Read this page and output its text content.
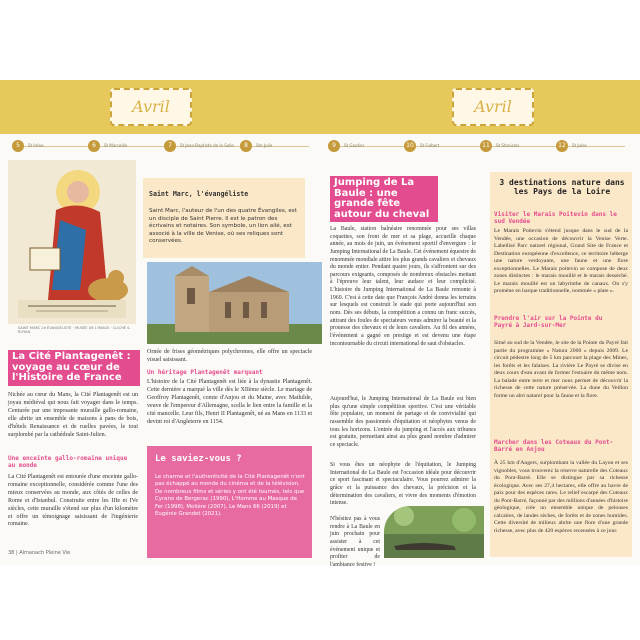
Avril	Avril
5	St Irène	6	St Marcellin	7	St Jean-Baptiste de la Salle	8	Ste Julie	9	St Gautier	10	St Fulbert	11	St Stanislas	12	St Jules
SAINT MARC 2e ÉVANGÉLISTE · MUSÉE DE L'IMAGE · CLICHÉ S. ROYAN
Saint Marc, l'évangéliste
Saint Marc, l'auteur de l'un des quatre Évangiles, est un disciple de Saint Pierre. Il est le patron des écrivains et notaires. Son symbole, un lion ailé, est associé à la ville de Venise, où ses reliques sont conservées.
La Cité Plantagenêt : voyage au cœur de l'Histoire de France
Nichée au cœur du Mans, la Cité Plantagenêt est un joyau médiéval qui nous fait voyager dans le temps. Centurée par une imposante muraille gallo-romaine, elle abrite un ensemble de maisons à pans de bois, d'hôtels Renaissance et de ruelles pavées, le tout surplombé par la cathédrale Saint-Julien.
Une enceinte gallo-romaine unique au monde
La Cité Plantagenêt est entourée d'une enceinte gallo-romaine exceptionnelle, considérée comme l'une des mieux conservées au monde, aux côtés de celles de Rome et d'Istanbul. Construite entre les IIIe et IVe siècles, cette muraille s'étend sur plus d'un kilomètre et offre un témoignage saisissant de l'ingénierie romaine.
Ornée de frises géométriques polychromes, elle offre un spectacle visuel saisissant.
Un héritage Plantagenêt marquant
L'histoire de la Cité Plantagenêt est liée à la dynastie Plantagenêt. Cette dernière a marqué la ville dès le XIIème siècle. Le mariage de Geoffroy Plantagenêt, comte d'Anjou et du Maine, avec Mathilde, veuve de l'empereur d'Allemagne, scella le lien entre la famille et la cité mancelle. Leur fils, Henri II Plantagenêt, né au Mans en 1133 et devint roi d'Angleterre en 1154.
Le saviez-vous ?
Le charme et l'authenticité de la Cité Plantagenêt n'ont pas échappé au monde du cinéma et de la télévision. De nombreux films et séries y ont été tournés, tels que Cyrano de Bergerac (1990), L'Homme au Masque de Fer (1998), Molière (2007), Le Mans 66 (2019) et Eugénie Grandet (2021).
38 | Almanach Pleine Vie
Jumping de La Baule : une grande fête autour du cheval
La Baule, station balnéaire renommée pour ses villas coquettes, son front de mer et sa plage, accueille chaque année, au mois de juin, un événement sportif d'envergure : le Jumping International de La Baule. Cet événement équestre de renommée mondiale attire les plus grands cavaliers et chevaux du monde entier. Pendant quatre jours, ils s'affrontent sur des parcours exigeants, composés de nombreux obstacles mettant à l'épreuve leur talent, leur audace et leur complicité. L'histoire du Jumping International de La Baule remonte à 1960. C'est à cette date que François André donna les terrains sur lesquels est construit le stade qui porte aujourd'hui son nom. Dès ses débuts, la compétition a connu un franc succès, attirant des foules de spectateurs venus admirer la beauté et la prouesse des chevaux et de leurs cavaliers. Au fil des années, l'événement a gagné en prestige et est devenu une étape incontournable du circuit international de saut d'obstacles.
Aujourd'hui, le Jumping International de La Baule est bien plus qu'une simple compétition sportive. C'est une véritable fête populaire, un moment de partage et de convivialité qui rassemble des passionnés d'équitation et néophytes venus de tous les horizons. L'entrée du jumping et l'accès aux tribunes est gratuite, permettant ainsi au plus grand nombre d'admirer ce spectacle.
Si vous êtes un néophyte de l'équitation, le Jumping International de La Baule est l'occasion idéale pour découvrir ce sport fascinant et spectaculaire. Vous pourrez admirer la grâce et la puissance des chevaux, la précision et la détermination des cavaliers, et vivre des moments d'émotion intense.
N'hésitez pas à vous rendre à La Baule en juin prochain pour assister à cet événement unique et profiter de l'ambiance festive !
3 destinations nature dans les Pays de la Loire
Visiter le Marais Poitevin dans le sud Vendée
Le Marais Poitevin s'étend jusque dans le sud de la Vendée, une occasion de découvrir la Venise Verte. Labellisé Parc naturel régional, Grand Site de France et Destination européenne d'excellence, ce territoire héberge une nature verdoyante, une faune et une flore exceptionnelles. Le Marais poitevin se compose de deux zones distinctes : le marais mouillé et le marais desséché. Le marais mouillé est un labyrinthe de canaux. On s'y promène en barque traditionnelle, nommée « plate ».
Prendre l'air sur la Pointe du Payré à Jard-sur-Mer
Situé au sud de la Vendée, le site de la Pointe du Payré fait partie du programme « Natura 2000 » depuis 2009. Le circuit pédestre long de 5 km parcourt la plage des Mines, les forêts et les falaises. La rivière Le Payré se divise en deux cours d'eau avant de former l'estuaire du même nom. La balade entre terre et mer nous permet de découvrir la richesse de cette nature préservée. La dune du Veillon forme un abri naturel pour la faune et la flore.
Marcher dans les Coteaux du Pont-Barré en Anjou
À 25 km d'Angers, surplombant la vallée du Layon et ses vignobles, vous trouverez la réserve naturelle des Coteaux du Pont-Barré. Elle se distingue par sa richesse écologique. Avec ses 27,4 hectares, elle offre au havre de paix pour des espèces rares. Le relief escarpé des Coteaux du Pont-Barré, façonné par des millions d'années d'histoire géologique, crée un ensemble unique de pelouses calcaires, de landes sèches, de forêts et de zones humides. Cette diversité de milieux abrite une flore d'une grande richesse, avec plus de 420 espèces recensées à ce jour.
